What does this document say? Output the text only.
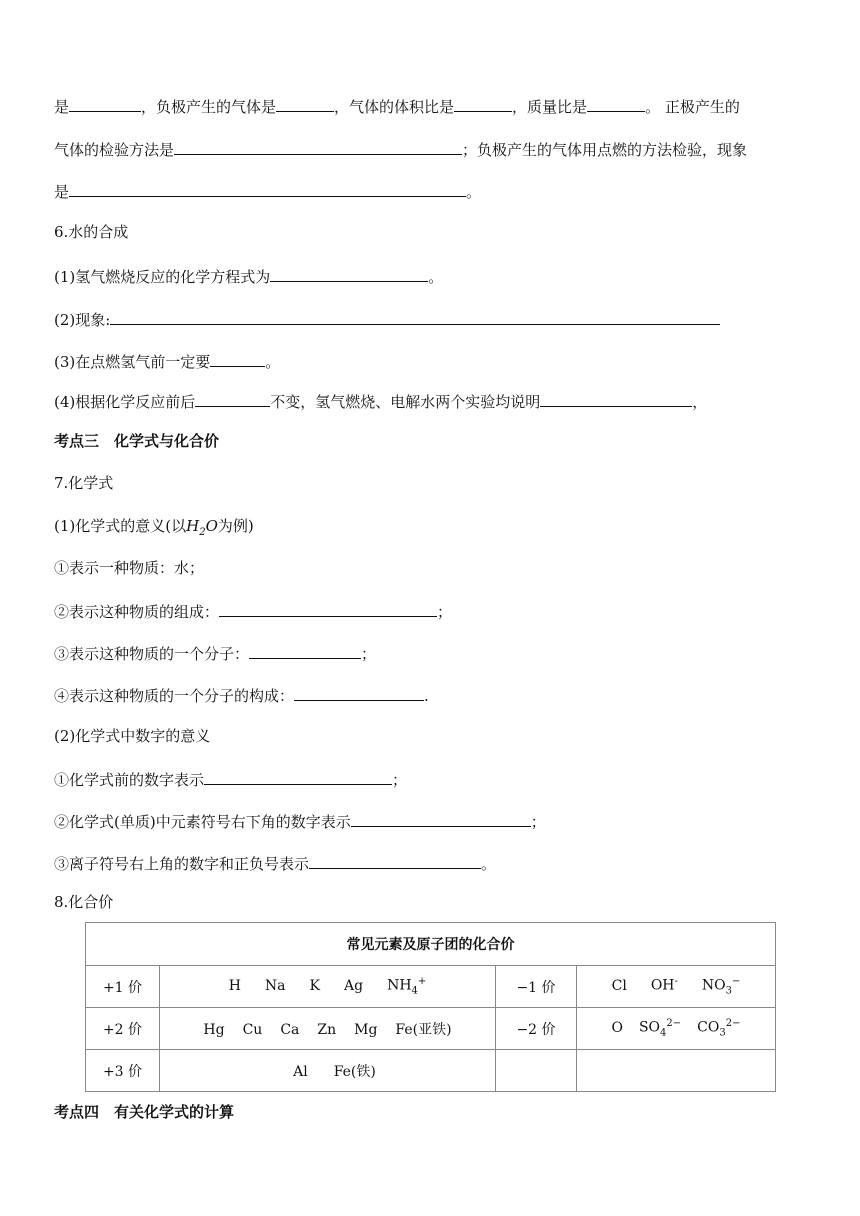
是	，负极产生的气体是	，气体的体积比是	，质量比是	。 正极产生的
气体的检验方法是	；负极产生的气体用点燃的方法检验，现象
是	。
6.水的合成
(1)氢气燃烧反应的化学方程式为	。
(2)现象:
(3)在点燃氢气前一定要	。
(4)根据化学反应前后	不变，氢气燃烧、电解水两个实验均说明	，
考点三　化学式与化合价
7.化学式
(1)化学式的意义(以$H_2O$为例)
①表示一种物质：水；
②表示这种物质的组成：	；
③表示这种物质的一个分子：	；
④表示这种物质的一个分子的构成：	.
(2)化学式中数字的意义
①化学式前的数字表示	；
②化学式(单质)中元素符号右下角的数字表示	；
③离子符号右上角的数字和正负号表示	。
8.化合价
常见元素及原子团的化合价			
+1 价	H Na K Ag $NH_4^+$	−1 价	Cl OH- $NO_3^-$
+2 价	Hg Cu Ca Zn Mg Fe(亚铁)	−2 价	O $SO_4^{2-}$ $CO_3^{2-}$
+3 价	Al Fe(铁)		
考点四　有关化学式的计算
